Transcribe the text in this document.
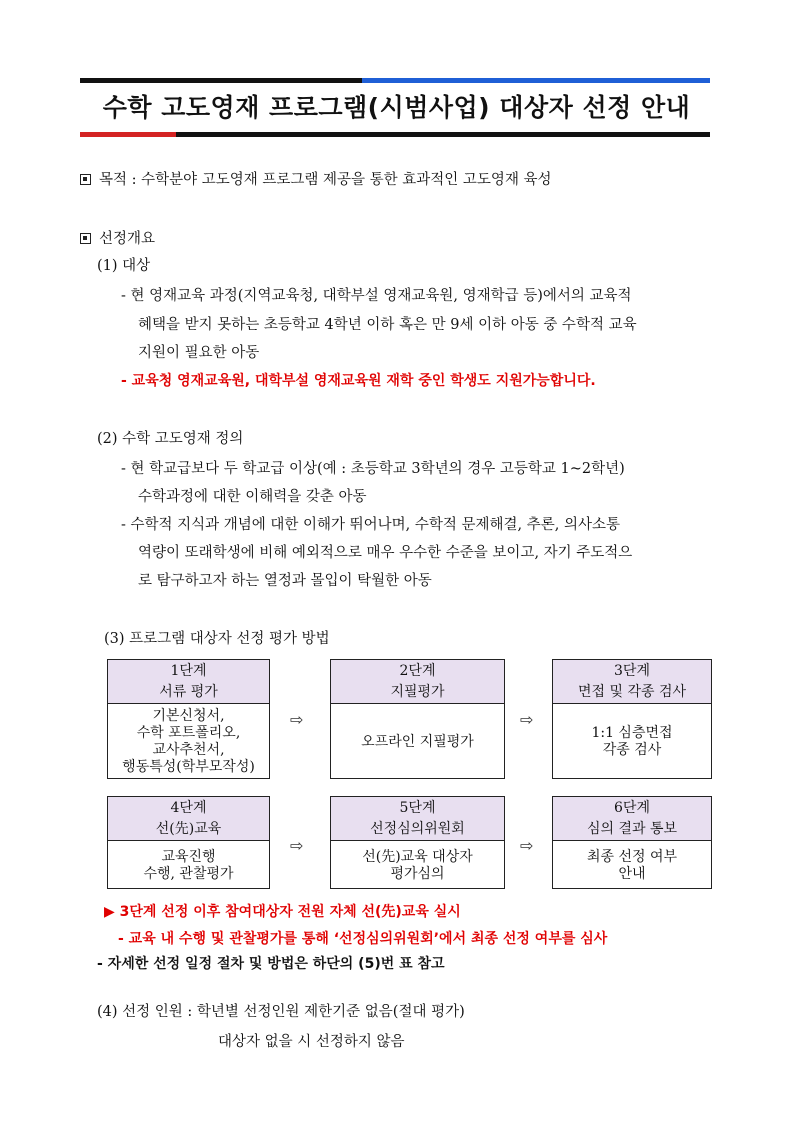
수학 고도영재 프로그램(시범사업) 대상자 선정 안내
목적 : 수학분야 고도영재 프로그램 제공을 통한 효과적인 고도영재 육성
선정개요
(1) 대상
- 현 영재교육 과정(지역교육청, 대학부설 영재교육원, 영재학급 등)에서의 교육적
혜택을 받지 못하는 초등학교 4학년 이하 혹은 만 9세 이하 아동 중 수학적 교육
지원이 필요한 아동
- 교육청 영재교육원, 대학부설 영재교육원 재학 중인 학생도 지원가능합니다.
(2) 수학 고도영재 정의
- 현 학교급보다 두 학교급 이상(예 : 초등학교 3학년의 경우 고등학교 1~2학년)
수학과정에 대한 이해력을 갖춘 아동
- 수학적 지식과 개념에 대한 이해가 뛰어나며, 수학적 문제해결, 추론, 의사소통
역량이 또래학생에 비해 예외적으로 매우 우수한 수준을 보이고, 자기 주도적으
로 탐구하고자 하는 열정과 몰입이 탁월한 아동
(3) 프로그램 대상자 선정 평가 방법
1단계
서류 평가
기본신청서,
수학 포트폴리오,
교사추천서,
행동특성(학부모작성)
⇨
2단계
지필평가
오프라인 지필평가
⇨
3단계
면접 및 각종 검사
1:1 심층면접
각종 검사
4단계
선(先)교육
교육진행
수행, 관찰평가
⇨
5단계
선정심의위원회
선(先)교육 대상자
평가심의
⇨
6단계
심의 결과 통보
최종 선정 여부
안내
▶ 3단계 선정 이후 참여대상자 전원 자체 선(先)교육 실시
- 교육 내 수행 및 관찰평가를 통해 ‘선정심의위원회’에서 최종 선정 여부를 심사
- 자세한 선정 일정 절차 및 방법은 하단의 (5)번 표 참고
(4) 선정 인원 : 학년별 선정인원 제한기준 없음(절대 평가)
대상자 없을 시 선정하지 않음
